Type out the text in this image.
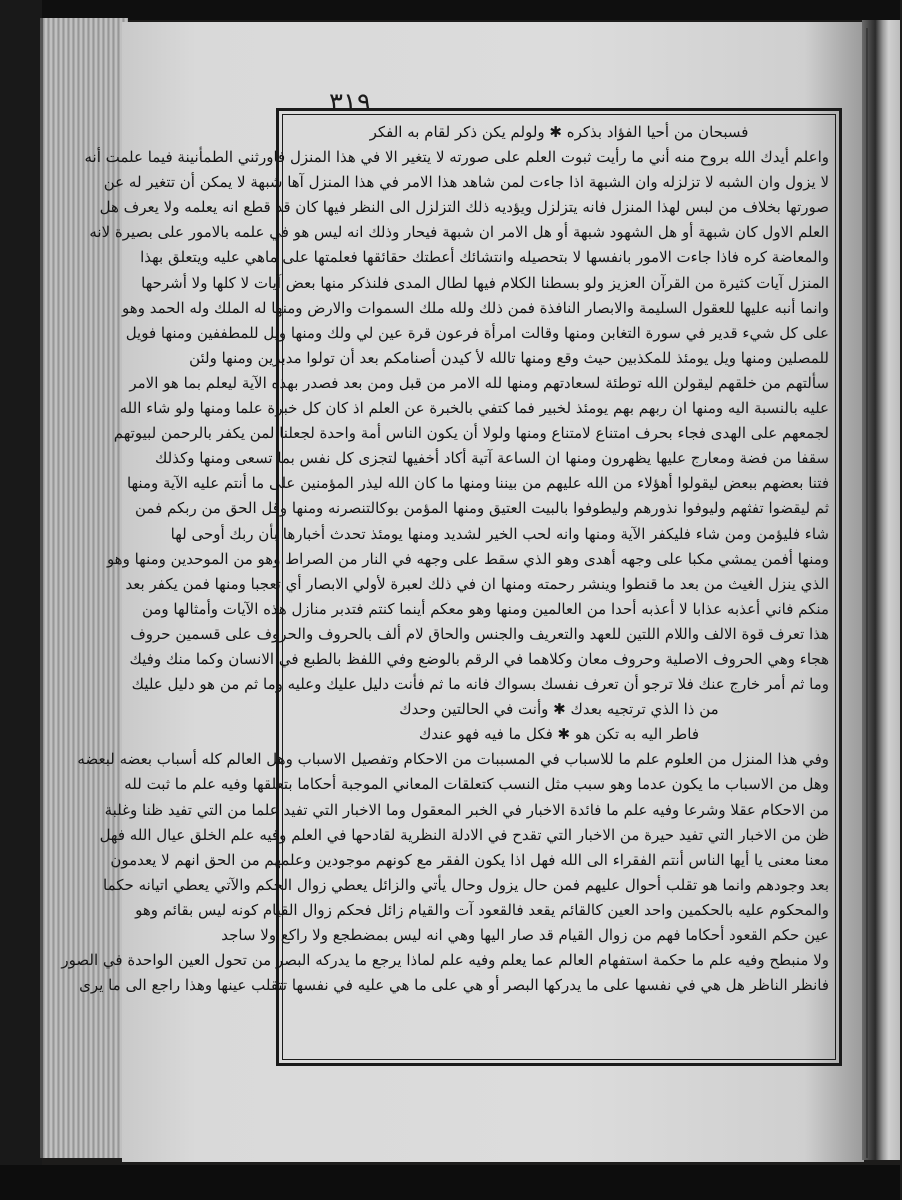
٣١٩
فسبحان من أحيا الفؤاد بذكره ✱ ولولم يكن ذكر لقام به الفكر
واعلم أيدك الله بروح منه أني ما رأيت ثبوت العلم على صورته لا يتغير الا في هذا المنزل فاورثني الطمأنينة فيما علمت أنه
لا يزول وان الشبه لا تزلزله وان الشبهة اذا جاءت لمن شاهد هذا الامر في هذا المنزل آها شبهة لا يمكن أن تتغير له عن
صورتها بخلاف من لبس لهذا المنزل فانه يتزلزل ويؤديه ذلك التزلزل الى النظر فيها كان قد قطع انه يعلمه ولا يعرف هل
العلم الاول كان شبهة أو هل الشهود شبهة أو هل الامر ان شبهة فيحار وذلك انه ليس هو في علمه بالامور على بصيرة لانه
والمعاضة كره فاذا جاءت الامور بانفسها لا بتحصيله وانتشائك أعطتك حقائقها فعلمتها على ماهي عليه ويتعلق بهذا
المنزل آيات كثيرة من القرآن العزيز ولو بسطنا الكلام فيها لطال المدى فلنذكر منها بعض آيات لا كلها ولا أشرحها
وانما أنبه عليها للعقول السليمة والابصار النافذة فمن ذلك ولله ملك السموات والارض ومنها له الملك وله الحمد وهو
على كل شيء قدير في سورة التغابن ومنها وقالت امرأة فرعون قرة عين لي ولك ومنها ويل للمطففين ومنها فويل
للمصلين ومنها ويل يومئذ للمكذبين حيث وقع ومنها تالله لأ كيدن أصنامكم بعد أن تولوا مدبرين ومنها ولئن
سألتهم من خلقهم ليقولن الله توطئة لسعادتهم ومنها لله الامر من قبل ومن بعد فصدر بهذه الآية ليعلم بما هو الامر
عليه بالنسبة اليه ومنها ان ربهم بهم يومئذ لخبير فما كتفي بالخبرة عن العلم اذ كان كل خبرة علما ومنها ولو شاء الله
لجمعهم على الهدى فجاء بحرف امتناع لامتناع ومنها ولولا أن يكون الناس أمة واحدة لجعلنا لمن يكفر بالرحمن لبيوتهم
سقفا من فضة ومعارج عليها يظهرون ومنها ان الساعة آتية أكاد أخفيها لتجزى كل نفس بما تسعى ومنها وكذلك
فتنا بعضهم ببعض ليقولوا أهؤلاء من الله عليهم من بيننا ومنها ما كان الله ليذر المؤمنين على ما أنتم عليه الآية ومنها
ثم ليقضوا تفثهم وليوفوا نذورهم وليطوفوا بالبيت العتيق ومنها المؤمن بوكالتنصرنه ومنها وقل الحق من ربكم فمن
شاء فليؤمن ومن شاء فليكفر الآية ومنها وانه لحب الخير لشديد ومنها يومئذ تحدث أخبارها بأن ربك أوحى لها
ومنها أفمن يمشي مكبا على وجهه أهدى وهو الذي سقط على وجهه في النار من الصراط وهو من الموحدين ومنها وهو
الذي ينزل الغيث من بعد ما قنطوا وينشر رحمته ومنها ان في ذلك لعبرة لأولي الابصار أي تعجبا ومنها فمن يكفر بعد
منكم فاني أعذبه عذابا لا أعذبه أحدا من العالمين ومنها وهو معكم أينما كنتم فتدبر منازل هذه الآيات وأمثالها ومن
هذا تعرف قوة الالف واللام اللتين للعهد والتعريف والجنس والحاق لام ألف بالحروف والحروف على قسمين حروف
هجاء وهي الحروف الاصلية وحروف معان وكلاهما في الرقم بالوضع وفي اللفظ بالطبع في الانسان وكما منك وفيك
وما ثم أمر خارج عنك فلا ترجو أن تعرف نفسك بسواك فانه ما ثم فأنت دليل عليك وعليه وما ثم من هو دليل عليك
من ذا الذي ترتجيه بعدك ✱ وأنت في الحالتين وحدك
فاطر اليه به تكن هو ✱ فكل ما فيه فهو عندك
وفي هذا المنزل من العلوم علم ما للاسباب في المسببات من الاحكام وتفصيل الاسباب وهل العالم كله أسباب بعضه لبعضه
وهل من الاسباب ما يكون عدما وهو سبب مثل النسب كتعلقات المعاني الموجبة أحكاما بتعلقها وفيه علم ما ثبت لله
من الاحكام عقلا وشرعا وفيه علم ما فائدة الاخبار في الخبر المعقول وما الاخبار التي تفيد علما من التي تفيد ظنا وغلبة
ظن من الاخبار التي تفيد حيرة من الاخبار التي تقدح في الادلة النظرية لقادحها في العلم وفيه علم الخلق عيال الله فهل
معنا معنى يا أيها الناس أنتم الفقراء الى الله فهل اذا يكون الفقر مع كونهم موجودين وعلمهم من الحق انهم لا يعدمون
بعد وجودهم وانما هو تقلب أحوال عليهم فمن حال يزول وحال يأتي والزائل يعطي زوال الحكم والآتي يعطي اتيانه حكما
والمحكوم عليه بالحكمين واحد العين كالقائم يقعد فالقعود آت والقيام زائل فحكم زوال القيام كونه ليس بقائم وهو
عين حكم القعود أحكاما فهم من زوال القيام قد صار اليها وهي انه ليس بمضطجع ولا راكع ولا ساجد
ولا منبطح وفيه علم ما حكمة استفهام العالم عما يعلم وفيه علم لماذا يرجع ما يدركه البصر من تحول العين الواحدة في الصور
فانظر الناظر هل هي في نفسها على ما يدركها البصر أو هي على ما هي عليه في نفسها تتقلب عينها وهذا راجع الى ما يرى
